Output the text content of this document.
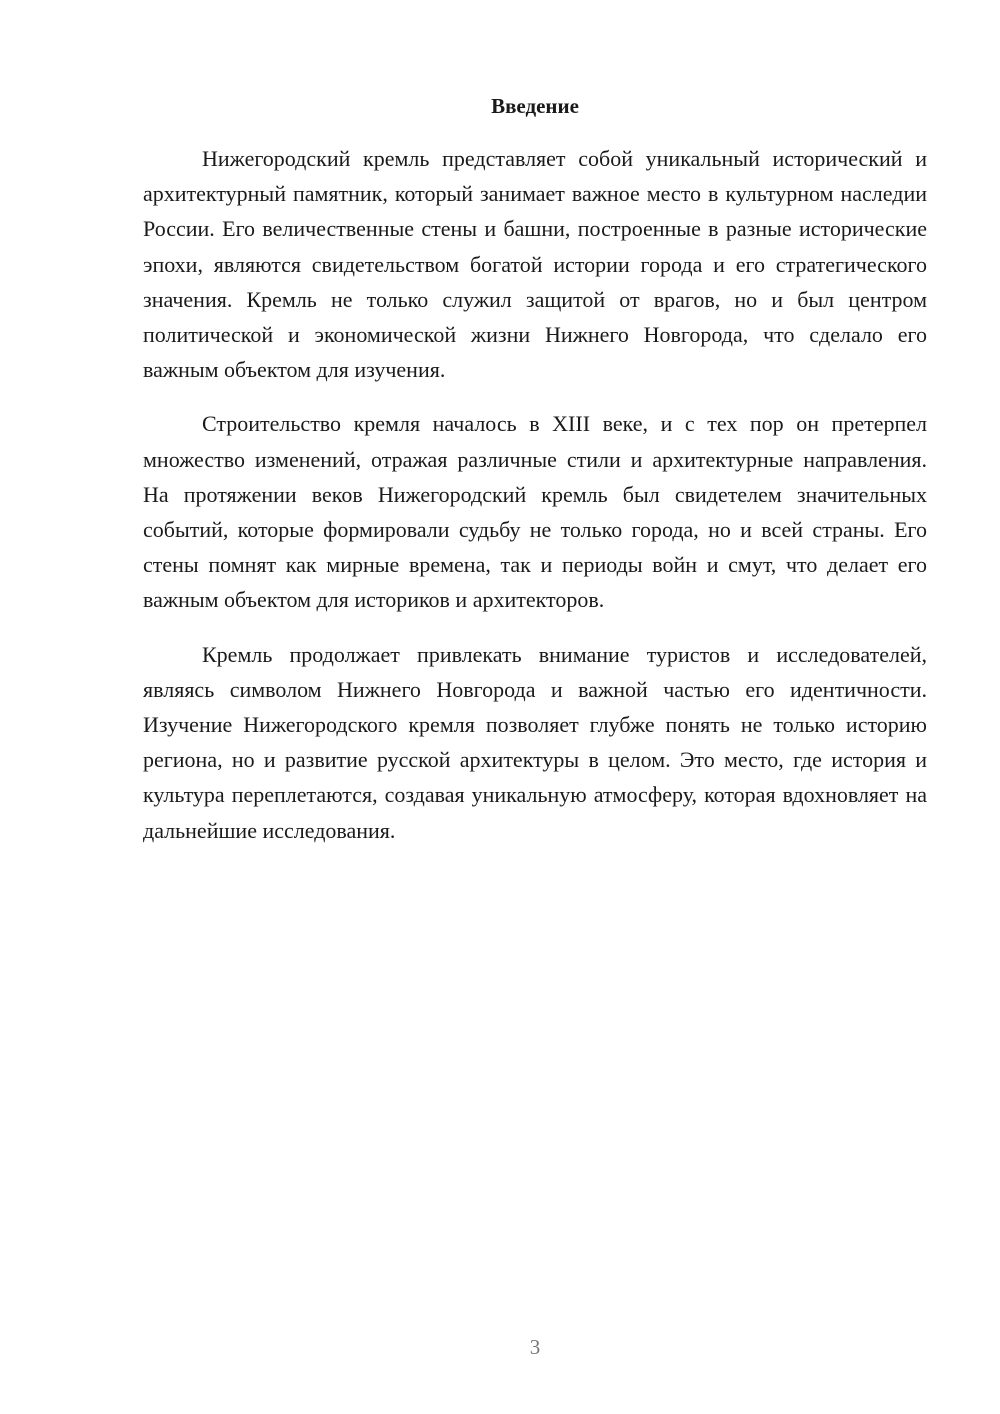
Введение

Нижегородский кремль представляет собой уникальный исторический и архитектурный памятник, который занимает важное место в культурном наследии России. Его величественные стены и башни, построенные в разные исторические эпохи, являются свидетельством богатой истории города и его стратегического значения. Кремль не только служил защитой от врагов, но и был центром политической и экономической жизни Нижнего Новгорода, что сделало его важным объектом для изучения.

Строительство кремля началось в XIII веке, и с тех пор он претерпел множество изменений, отражая различные стили и архитектурные направления. На протяжении веков Нижегородский кремль был свидетелем значительных событий, которые формировали судьбу не только города, но и всей страны. Его стены помнят как мирные времена, так и периоды войн и смут, что делает его важным объектом для историков и архитекторов.

Кремль продолжает привлекать внимание туристов и исследователей, являясь символом Нижнего Новгорода и важной частью его идентичности. Изучение Нижегородского кремля позволяет глубже понять не только историю региона, но и развитие русской архитектуры в целом. Это место, где история и культура переплетаются, создавая уникальную атмосферу, которая вдохновляет на дальнейшие исследования.

3
